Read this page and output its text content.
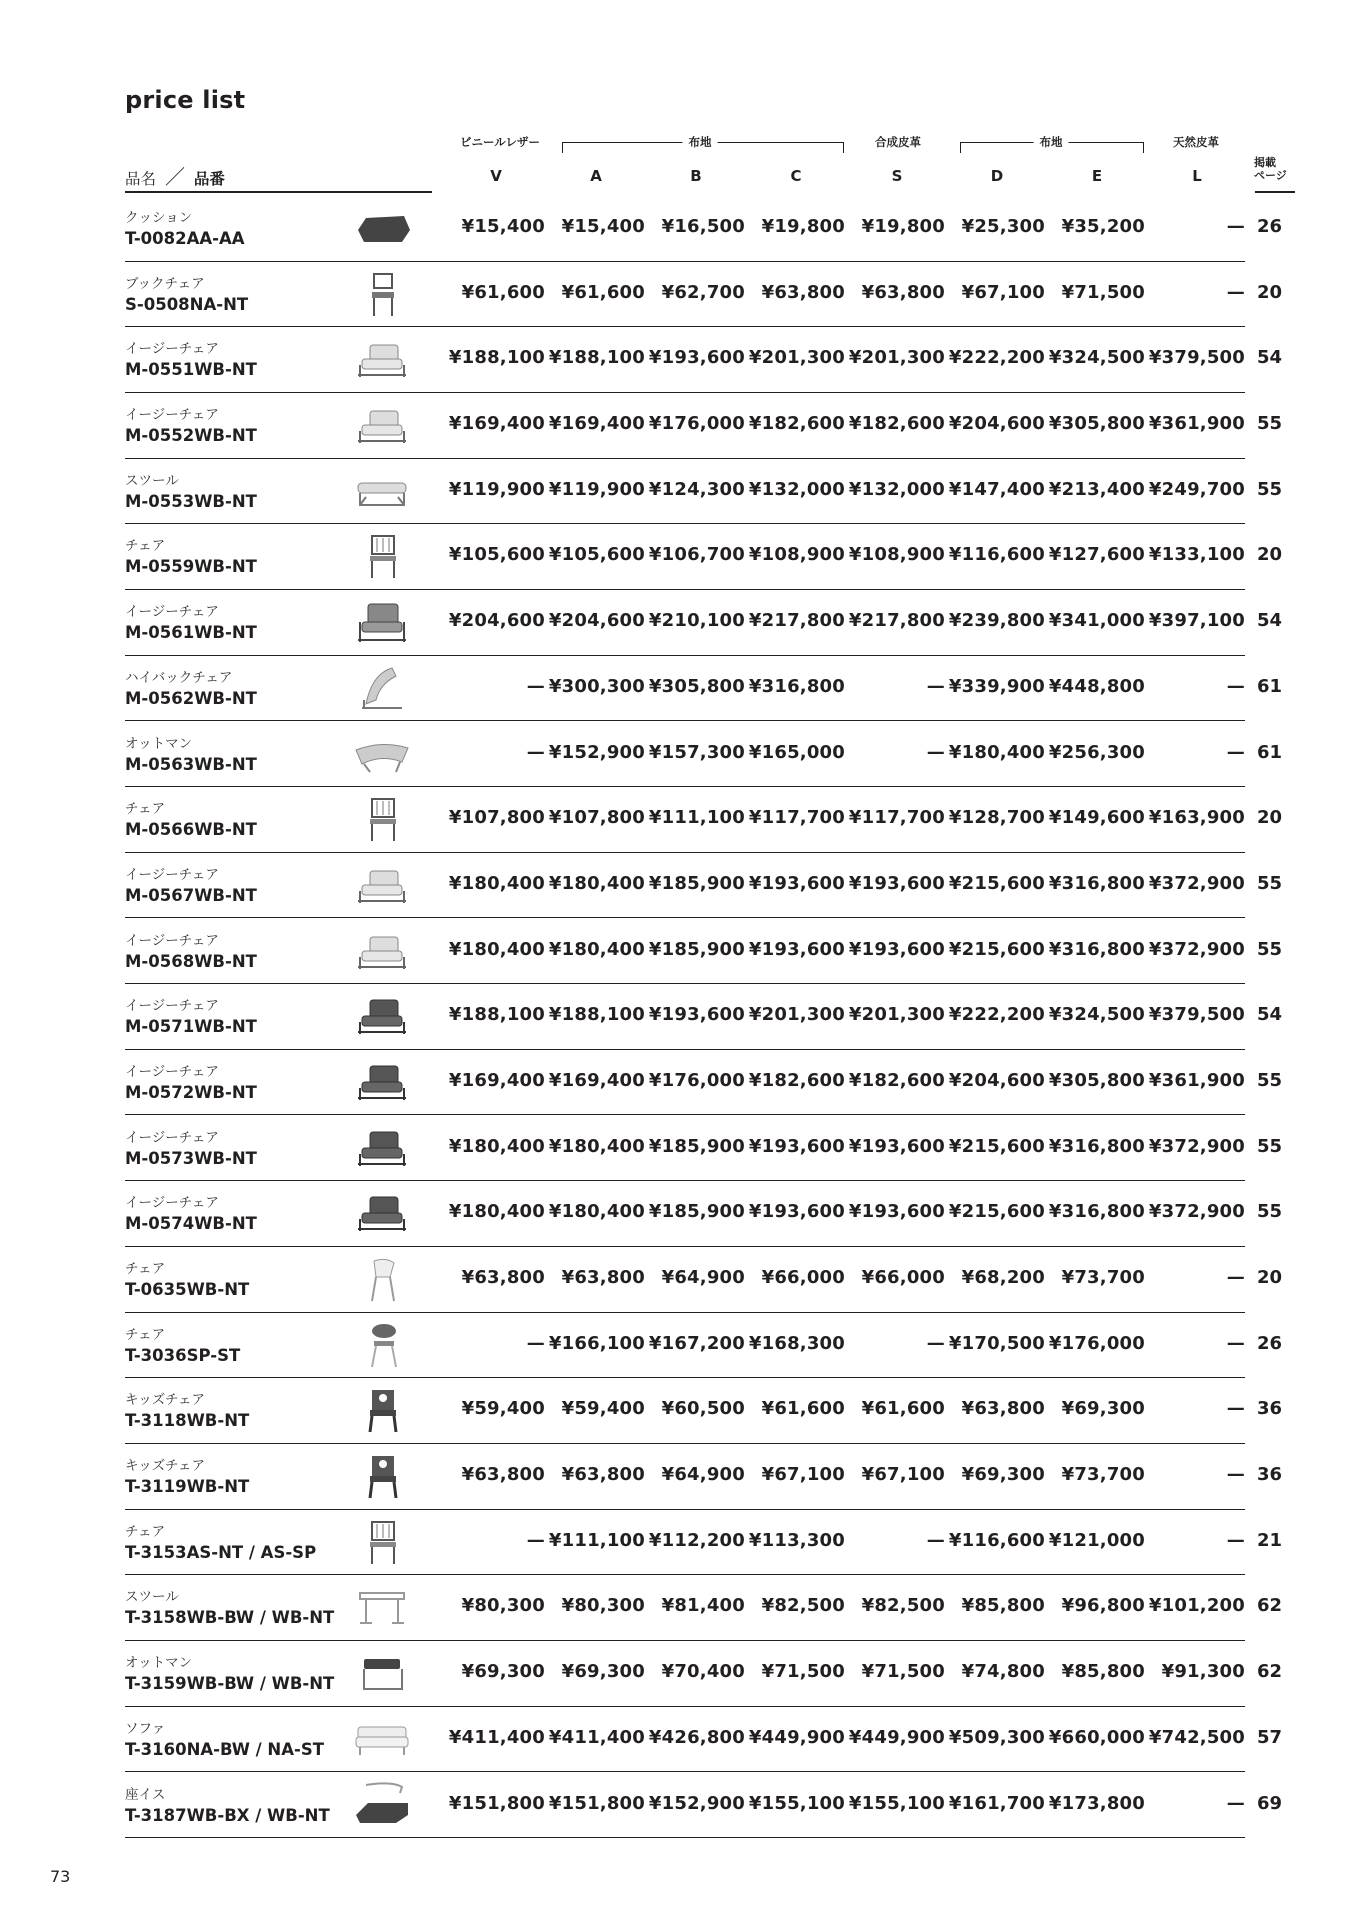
price list
ビニールレザー	布地	合成皮革	布地	天然皮革
品名 ／ 品番	V	A	B	C	S	D	E	L
掲載
ページ
クッション
T-0082AA-AA
¥15,400 ¥15,400 ¥16,500 ¥19,800 ¥19,800 ¥25,300 ¥35,200	— 26
ブックチェア
S-0508NA-NT
¥61,600 ¥61,600 ¥62,700 ¥63,800 ¥63,800 ¥67,100 ¥71,500	— 20
イージーチェア
M-0551WB-NT
¥188,100 ¥188,100 ¥193,600 ¥201,300 ¥201,300 ¥222,200 ¥324,500 ¥379,500 54
イージーチェア
M-0552WB-NT
¥169,400 ¥169,400 ¥176,000 ¥182,600 ¥182,600 ¥204,600 ¥305,800 ¥361,900 55
スツール
M-0553WB-NT
¥119,900 ¥119,900 ¥124,300 ¥132,000 ¥132,000 ¥147,400 ¥213,400 ¥249,700 55
チェア
M-0559WB-NT
¥105,600 ¥105,600 ¥106,700 ¥108,900 ¥108,900 ¥116,600 ¥127,600 ¥133,100 20
イージーチェア
M-0561WB-NT
¥204,600 ¥204,600 ¥210,100 ¥217,800 ¥217,800 ¥239,800 ¥341,000 ¥397,100 54
ハイバックチェア
M-0562WB-NT
— ¥300,300 ¥305,800 ¥316,800	— ¥339,900 ¥448,800	— 61
オットマン
M-0563WB-NT
— ¥152,900 ¥157,300 ¥165,000	— ¥180,400 ¥256,300	— 61
チェア
M-0566WB-NT
¥107,800 ¥107,800 ¥111,100 ¥117,700 ¥117,700 ¥128,700 ¥149,600 ¥163,900 20
イージーチェア
M-0567WB-NT
¥180,400 ¥180,400 ¥185,900 ¥193,600 ¥193,600 ¥215,600 ¥316,800 ¥372,900 55
イージーチェア
M-0568WB-NT
¥180,400 ¥180,400 ¥185,900 ¥193,600 ¥193,600 ¥215,600 ¥316,800 ¥372,900 55
イージーチェア
M-0571WB-NT
¥188,100 ¥188,100 ¥193,600 ¥201,300 ¥201,300 ¥222,200 ¥324,500 ¥379,500 54
イージーチェア
M-0572WB-NT
¥169,400 ¥169,400 ¥176,000 ¥182,600 ¥182,600 ¥204,600 ¥305,800 ¥361,900 55
イージーチェア
M-0573WB-NT
¥180,400 ¥180,400 ¥185,900 ¥193,600 ¥193,600 ¥215,600 ¥316,800 ¥372,900 55
イージーチェア
M-0574WB-NT
¥180,400 ¥180,400 ¥185,900 ¥193,600 ¥193,600 ¥215,600 ¥316,800 ¥372,900 55
チェア
T-0635WB-NT
¥63,800 ¥63,800 ¥64,900 ¥66,000 ¥66,000 ¥68,200 ¥73,700	— 20
チェア
T-3036SP-ST
— ¥166,100 ¥167,200 ¥168,300	— ¥170,500 ¥176,000	— 26
キッズチェア
T-3118WB-NT
¥59,400 ¥59,400 ¥60,500 ¥61,600 ¥61,600 ¥63,800 ¥69,300	— 36
キッズチェア
T-3119WB-NT
¥63,800 ¥63,800 ¥64,900 ¥67,100 ¥67,100 ¥69,300 ¥73,700	— 36
チェア
T-3153AS-NT / AS-SP
— ¥111,100 ¥112,200 ¥113,300	— ¥116,600 ¥121,000	— 21
スツール
T-3158WB-BW / WB-NT
¥80,300 ¥80,300 ¥81,400 ¥82,500 ¥82,500 ¥85,800 ¥96,800 ¥101,200 62
オットマン
T-3159WB-BW / WB-NT
¥69,300 ¥69,300 ¥70,400 ¥71,500 ¥71,500 ¥74,800 ¥85,800 ¥91,300 62
ソファ
T-3160NA-BW / NA-ST
¥411,400 ¥411,400 ¥426,800 ¥449,900 ¥449,900 ¥509,300 ¥660,000 ¥742,500 57
座イス
T-3187WB-BX / WB-NT
¥151,800 ¥151,800 ¥152,900 ¥155,100 ¥155,100 ¥161,700 ¥173,800	— 69
73
